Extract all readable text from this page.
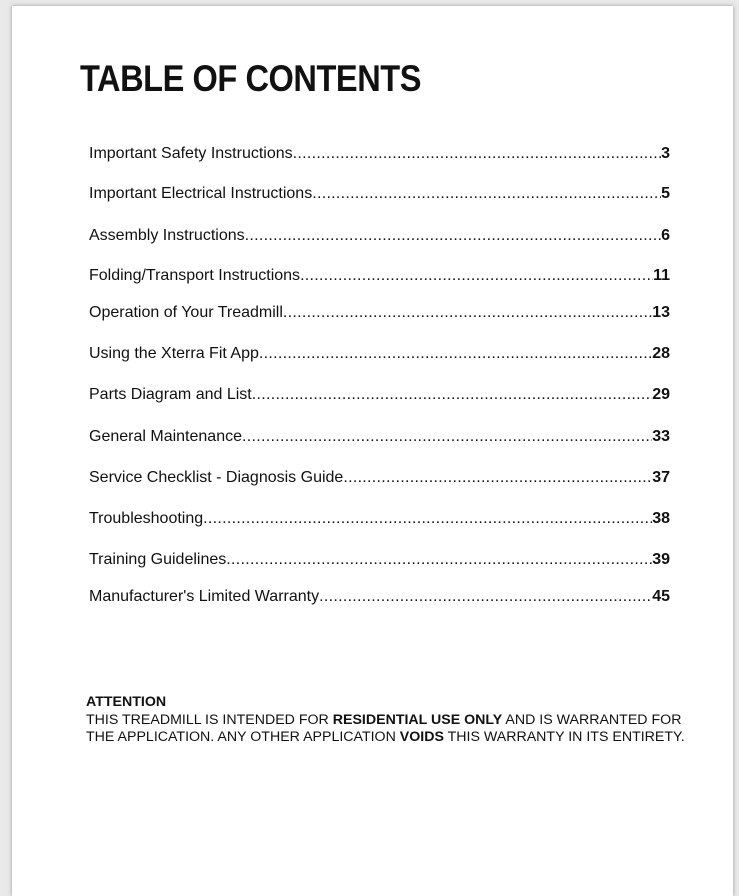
TABLE OF CONTENTS
Important Safety Instructions .....	3
Important Electrical Instructions .....	5
Assembly Instructions .....	6
Folding/Transport Instructions .....	11
Operation of Your Treadmill .....	13
Using the Xterra Fit App .....	28
Parts Diagram and List .....	29
General Maintenance .....	33
Service Checklist - Diagnosis Guide .....	37
Troubleshooting .....	38
Training Guidelines .....	39
Manufacturer's Limited Warranty .....	45
ATTENTION
THIS TREADMILL IS INTENDED FOR RESIDENTIAL USE ONLY AND IS WARRANTED FOR THE APPLICATION. ANY OTHER APPLICATION VOIDS THIS WARRANTY IN ITS ENTIRETY.
